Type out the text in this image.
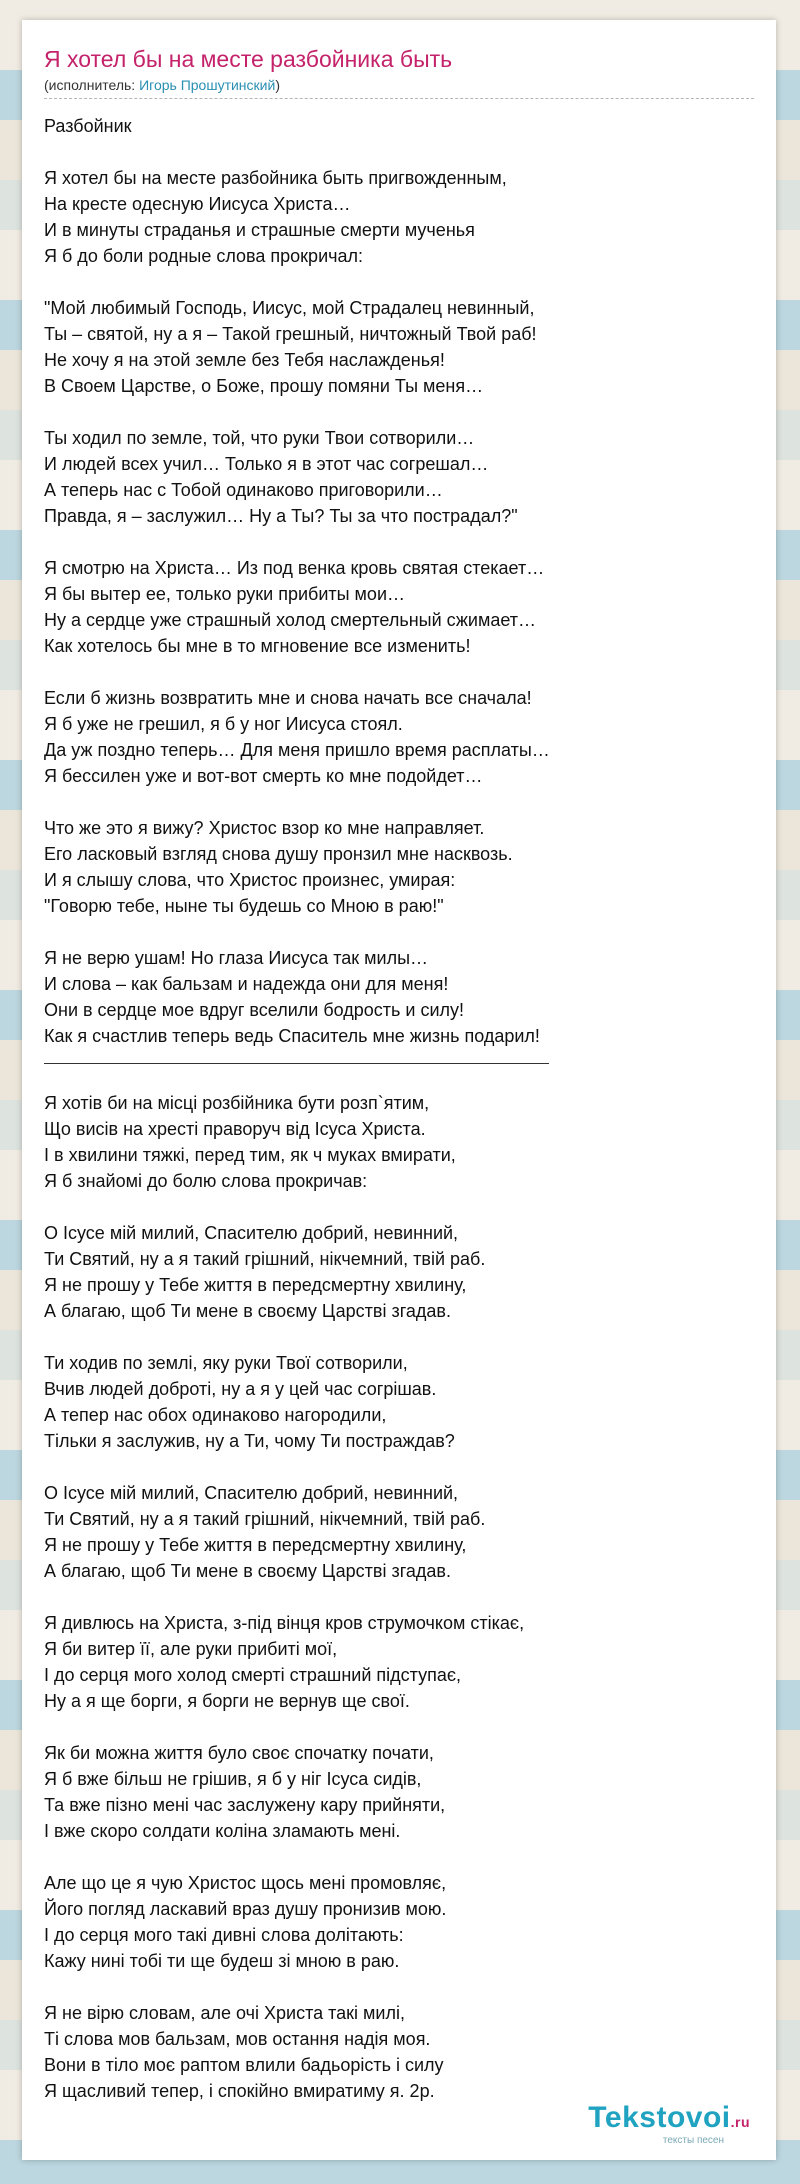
Я хотел бы на месте разбойника быть
(исполнитель: Игорь Прошутинский)
Разбойник

Я хотел бы на месте разбойника быть пригвожденным,
На кресте одесную Иисуса Христа…
И в минуты страданья и страшные смерти мученья
Я б до боли родные слова прокричал:

"Мой любимый Господь, Иисус, мой Страдалец невинный,
Ты – святой, ну а я – Такой грешный, ничтожный Твой раб!
Не хочу я на этой земле без Тебя наслажденья!
В Своем Царстве, о Боже, прошу помяни Ты меня…

Ты ходил по земле, той, что руки Твои сотворили…
И людей всех учил… Только я в этот час согрешал…
А теперь нас с Тобой одинаково приговорили…
Правда, я – заслужил… Ну а Ты? Ты за что пострадал?"

Я смотрю на Христа… Из под венка кровь святая стекает…
Я бы вытер ее, только руки прибиты мои…
Ну а сердце уже страшный холод смертельный сжимает…
Как хотелось бы мне в то мгновение все изменить!

Если б жизнь возвратить мне и снова начать все сначала!
Я б уже не грешил, я б у ног Иисуса стоял.
Да уж поздно теперь… Для меня пришло время расплаты…
Я бессилен уже и вот-вот смерть ко мне подойдет…

Что же это я вижу? Христос взор ко мне направляет.
Его ласковый взгляд снова душу пронзил мне насквозь.
И я слышу слова, что Христос произнес, умирая:
"Говорю тебе, ныне ты будешь со Мною в раю!"

Я не верю ушам! Но глаза Иисуса так милы…
И слова – как бальзам и надежда они для меня!
Они в сердце мое вдруг вселили бодрость и силу!
Как я счастлив теперь ведь Спаситель мне жизнь подарил!
Я хотів би на місці розбійника бути розп`ятим,
Що висів на хресті праворуч від Ісуса Христа.
І в хвилини тяжкі, перед тим, як ч муках вмирати,
Я б знайомі до болю слова прокричав:

О Ісусе мій милий, Спасителю добрий, невинний,
Ти Святий, ну а я такий грішний, нікчемний, твій раб.
Я не прошу у Тебе життя в передсмертну хвилину,
А благаю, щоб Ти мене в своєму Царстві згадав.

Ти ходив по землі, яку руки Твої сотворили,
Вчив людей доброті, ну а я у цей час согрішав.
А тепер нас обох одинаково нагородили,
Тільки я заслужив, ну а Ти, чому Ти постраждав?

О Ісусе мій милий, Спасителю добрий, невинний,
Ти Святий, ну а я такий грішний, нікчемний, твій раб.
Я не прошу у Тебе життя в передсмертну хвилину,
А благаю, щоб Ти мене в своєму Царстві згадав.

Я дивлюсь на Христа, з-під вінця кров струмочком стікає,
Я би витер її, але руки прибиті мої,
І до серця мого холод смерті страшний підступає,
Ну а я ще борги, я борги не вернув ще свої.

Як би можна життя було своє спочатку почати,
Я б вже більш не грішив, я б у ніг Ісуса сидів,
Та вже пізно мені час заслужену кару прийняти,
І вже скоро солдати коліна зламають мені.

Але що це я чую Христос щось мені промовляє,
Його погляд ласкавий враз душу пронизив мою.
І до серця мого такі дивні слова долітають:
Кажу нині тобі ти ще будеш зі мною в раю.

Я не вірю словам, але очі Христа такі милі,
Ті слова мов бальзам, мов остання надія моя.
Вони в тіло моє раптом влили бадьорість і силу
Я щасливий тепер, і спокійно вмиратиму я. 2р.
Tekstovoi.ru
тексты песен
